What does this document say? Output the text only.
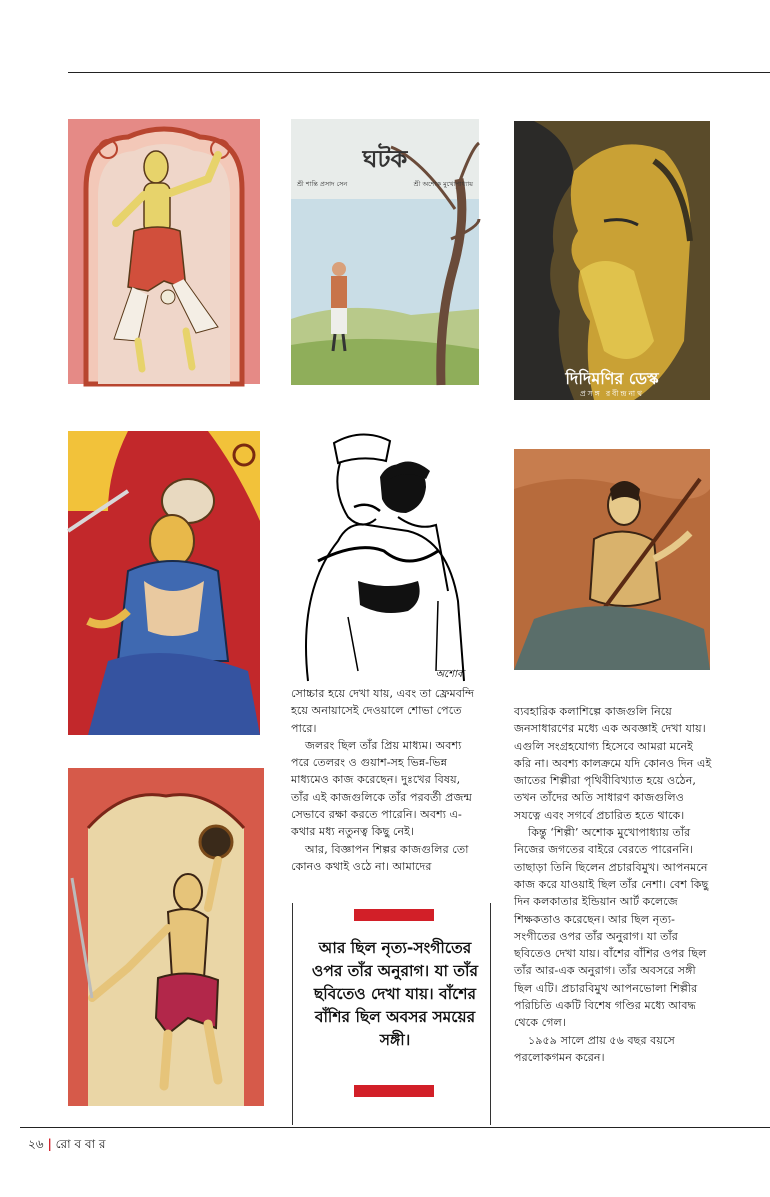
ঘটক
শ্রী শান্তি প্রসাদ সেন	শ্রী অশোক মুখোপাধ্যায়
দিদিমণির ডেস্ক
প্রসঙ্গ রবীন্দ্রনাথ
মন্দার মুখোপাধ্যায়
অশোক

সোচ্চার হয়ে দেখা যায়, এবং তা ফ্রেমবন্দি হয়ে অনায়াসেই দেওয়ালে শোভা পেতে পারে।

জলরং ছিল তাঁর প্রিয় মাধ্যম। অবশ্য পরে তেলরং ও গুয়াশ-সহ ভিন্ন-ভিন্ন মাধ্যমেও কাজ করেছেন। দুঃখের বিষয়, তাঁর এই কাজগুলিকে তাঁর পরবর্তী প্রজন্ম সেভাবে রক্ষা করতে পারেনি। অবশ্য এ-কথার মধ্য নতুনত্ব কিছু নেই।

আর, বিজ্ঞাপন শিল্পর কাজগুলির তো কোনও কথাই ওঠে না। আমাদের

আর ছিল নৃত্য-সংগীতের ওপর তাঁর অনুরাগ। যা তাঁর ছবিতেও দেখা যায়। বাঁশের বাঁশির ছিল অবসর সময়ের সঙ্গী।

ব্যবহারিক কলাশিল্পে কাজগুলি নিয়ে জনসাধারণের মধ্যে এক অবজ্ঞাই দেখা যায়। এগুলি সংগ্রহযোগ্য হিসেবে আমরা মনেই করি না। অবশ্য কালক্রমে যদি কোনও দিন এই জাতের শিল্পীরা পৃথিবীবিখ্যাত হয়ে ওঠেন, তখন তাঁদের অতি সাধারণ কাজগুলিও সযত্নে এবং সগর্বে প্রচারিত হতে থাকে।

কিন্তু ‘শিল্পী’ অশোক মুখোপাধ্যায় তাঁর নিজের জগতের বাইরে বেরতে পারেননি। তাছাড়া তিনি ছিলেন প্রচারবিমুখ। আপনমনে কাজ করে যাওয়াই ছিল তাঁর নেশা। বেশ কিছু দিন কলকাতার ইন্ডিয়ান আর্ট কলেজে শিক্ষকতাও করেছেন। আর ছিল নৃত্য-সংগীতের ওপর তাঁর অনুরাগ। যা তাঁর ছবিতেও দেখা যায়। বাঁশের বাঁশির ওপর ছিল তাঁর আর-এক অনুরাগ। তাঁর অবসরে সঙ্গী ছিল এটি। প্রচারবিমুখ আপনভোলা শিল্পীর পরিচিতি একটি বিশেষ গণ্ডির মধ্যে আবদ্ধ থেকে গেল।

১৯৫৯ সালে প্রায় ৫৬ বছর বয়সে পরলোকগমন করেন।

২৬ | রো ব বা র
